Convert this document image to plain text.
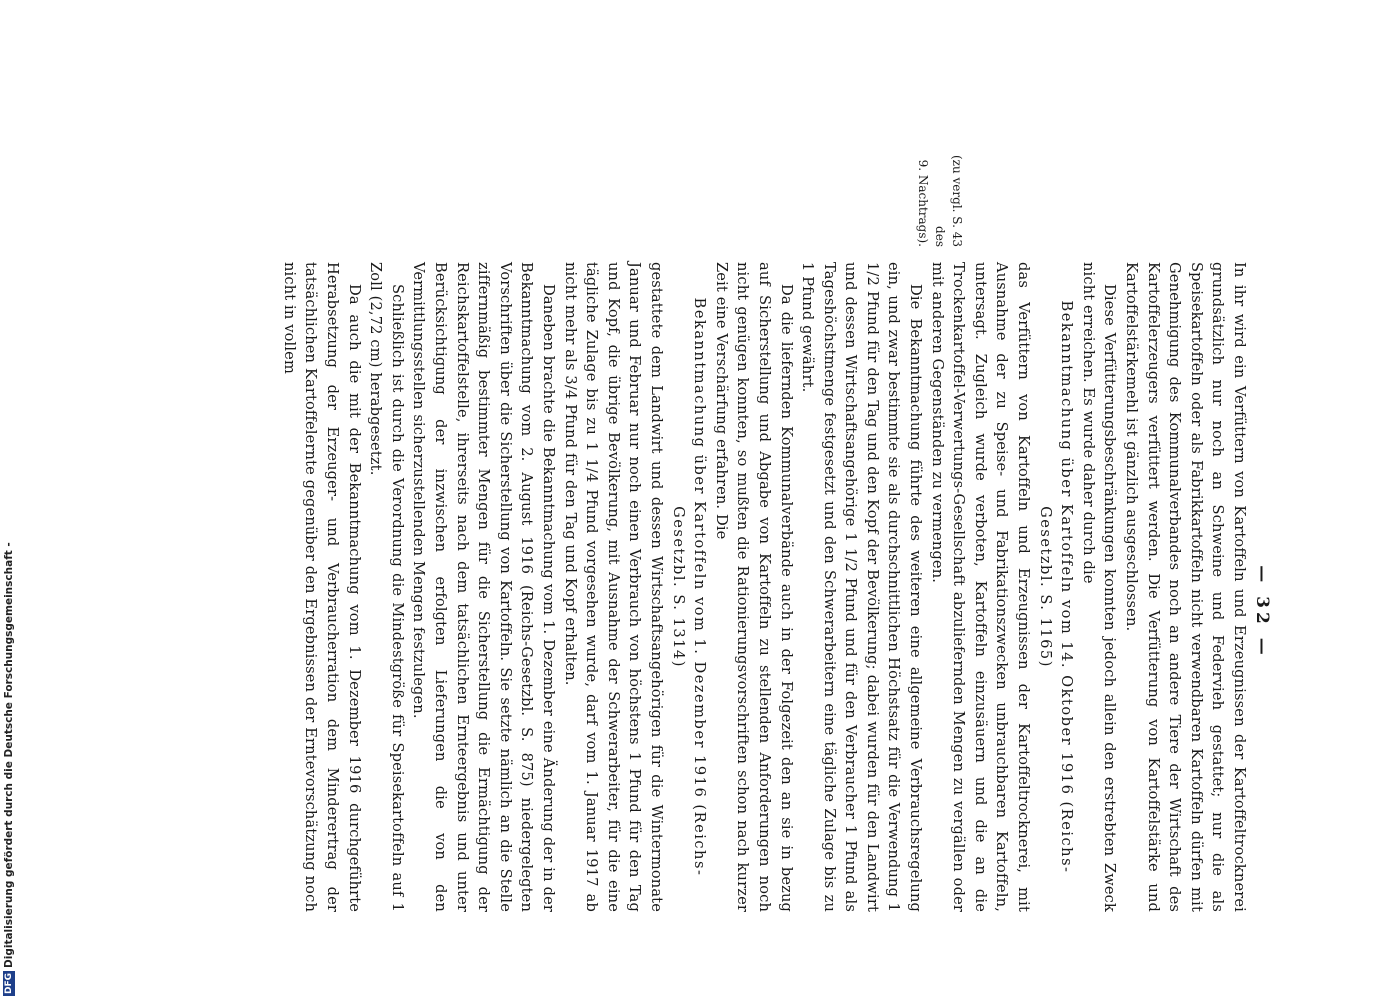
DFG
Digitalisierung gefördert durch die Deutsche Forschungsgemeinschaft -	— 32 —
(zu vergl. S. 43 des
9. Nachtrags).

In ihr wird ein Verfüttern von Kartoffeln und Erzeugnissen der Kartoffeltrocknerei grundsätzlich nur noch an Schweine und Federvieh gestattet; nur die als Speisekartoffeln oder als Fabrikkartoffeln nicht verwendbaren Kartoffeln dürfen mit Genehmigung des Kommunalverbandes noch an andere Tiere der Wirtschaft des Kartoffelerzeugers verfüttert werden. Die Verfütterung von Kartoffelstärke und Kartoffelstärkemehl ist gänzlich ausgeschlossen.

Diese Verfütterungsbeschränkungen konnten jedoch allein den erstrebten Zweck nicht erreichen. Es wurde daher durch die

Bekanntmachung über Kartoffeln vom 14. Oktober 1916 (Reichs-Gesetzbl. S. 1165)

das Verfüttern von Kartoffeln und Erzeugnissen der Kartoffeltrocknerei, mit Ausnahme der zu Speise- und Fabrikationszwecken unbrauchbaren Kartoffeln, untersagt. Zugleich wurde verboten, Kartoffeln einzusäuern und die an die Trockenkartoffel-Verwertungs-Gesellschaft abzuliefernden Mengen zu vergällen oder mit anderen Gegenständen zu vermengen.

Die Bekanntmachung führte des weiteren eine allgemeine Verbrauchsregelung ein, und zwar bestimmte sie als durchschnittlichen Höchstsatz für die Verwendung 1 1/2 Pfund für den Tag und den Kopf der Bevölkerung; dabei wurden für den Landwirt und dessen Wirtschaftsangehörige 1 1/2 Pfund und für den Verbraucher 1 Pfund als Tageshöchstmenge festgesetzt und den Schwerarbeitern eine tägliche Zulage bis zu 1 Pfund gewährt.

Da die liefernden Kommunalverbände auch in der Folgezeit den an sie in bezug auf Sicherstellung und Abgabe von Kartoffeln zu stellenden Anforderungen noch nicht genügen konnten, so mußten die Rationierungsvorschriften schon nach kurzer Zeit eine Verschärfung erfahren. Die

Bekanntmachung über Kartoffeln vom 1. Dezember 1916 (Reichs-Gesetzbl. S. 1314)

gestattete dem Landwirt und dessen Wirtschaftsangehörigen für die Wintermonate Januar und Februar nur noch einen Verbrauch von höchstens 1 Pfund für den Tag und Kopf, die übrige Bevölkerung, mit Ausnahme der Schwerarbeiter, für die eine tägliche Zulage bis zu 1 1/4 Pfund vorgesehen wurde, darf vom 1. Januar 1917 ab nicht mehr als 3/4 Pfund für den Tag und Kopf erhalten.

Daneben brachte die Bekanntmachung vom 1. Dezember eine Änderung der in der Bekanntmachung vom 2. August 1916 (Reichs-Gesetzbl. S. 875) niedergelegten Vorschriften über die Sicherstellung von Kartoffeln. Sie setzte nämlich an die Stelle ziffernmäßig bestimmter Mengen für die Sicherstellung die Ermächtigung der Reichskartoffelstelle, ihrerseits nach dem tatsächlichen Ernteergebnis und unter Berücksichtigung der inzwischen erfolgten Lieferungen die von den Vermittlungsstellen sicherzustellenden Mengen festzulegen.

Schließlich ist durch die Verordnung die Mindestgröße für Speisekartoffeln auf 1 Zoll (2,72 cm) herabgesetzt.

Da auch die mit der Bekanntmachung vom 1. Dezember 1916 durchgeführte Herabsetzung der Erzeuger- und Verbraucherration dem Minderertrag der tatsächlichen Kartoffelernte gegenüber den Ergebnissen der Erntevorschätzung noch nicht in vollem
